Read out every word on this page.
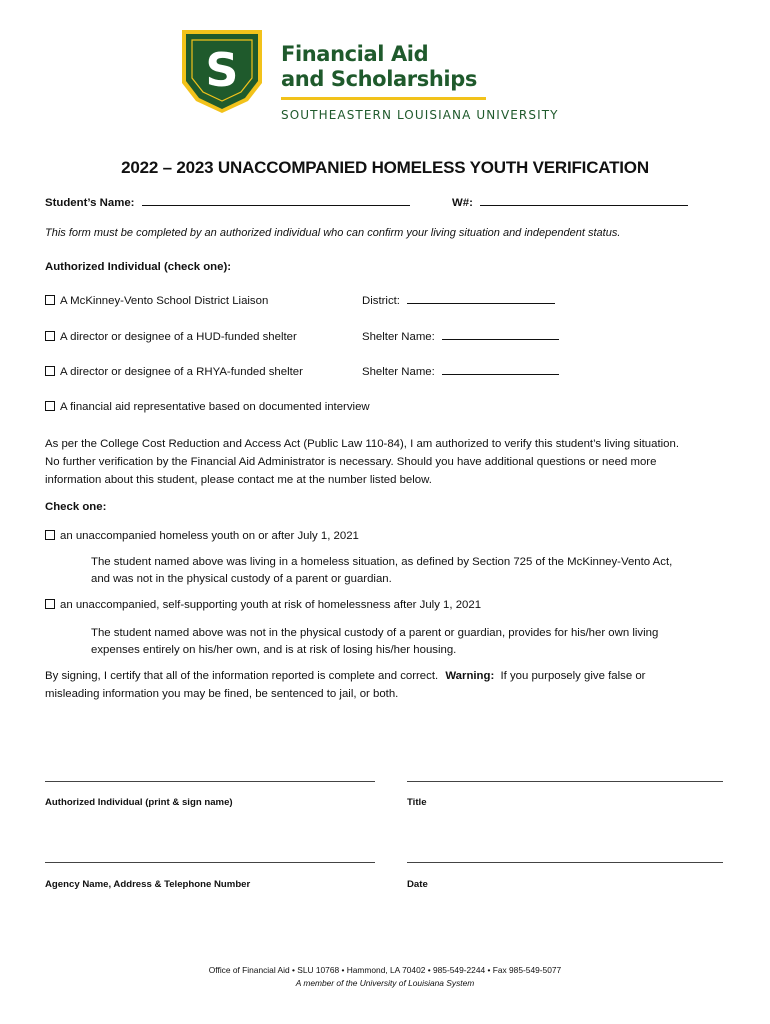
S Financial Aid
and Scholarships
SOUTHEASTERN LOUISIANA UNIVERSITY
2022 – 2023 UNACCOMPANIED HOMELESS YOUTH VERIFICATION
Student’s Name:	W#:
This form must be completed by an authorized individual who can confirm your living situation and independent status.
Authorized Individual (check one):
A McKinney-Vento School District Liaison	District:
A director or designee of a HUD-funded shelter	Shelter Name:
A director or designee of a RHYA-funded shelter	Shelter Name:
A financial aid representative based on documented interview
As per the College Cost Reduction and Access Act (Public Law 110-84), I am authorized to verify this student’s living situation.
No further verification by the Financial Aid Administrator is necessary. Should you have additional questions or need more
information about this student, please contact me at the number listed below.
Check one:
an unaccompanied homeless youth on or after July 1, 2021
The student named above was living in a homeless situation, as defined by Section 725 of the McKinney-Vento Act,
and was not in the physical custody of a parent or guardian.
an unaccompanied, self-supporting youth at risk of homelessness after July 1, 2021
The student named above was not in the physical custody of a parent or guardian, provides for his/her own living
expenses entirely on his/her own, and is at risk of losing his/her housing.
By signing, I certify that all of the information reported is complete and correct. Warning: If you purposely give false or
misleading information you may be fined, be sentenced to jail, or both.
Authorized Individual (print & sign name)	Title
Agency Name, Address & Telephone Number	Date
Office of Financial Aid • SLU 10768 • Hammond, LA 70402 • 985-549-2244 • Fax 985-549-5077
A member of the University of Louisiana System
